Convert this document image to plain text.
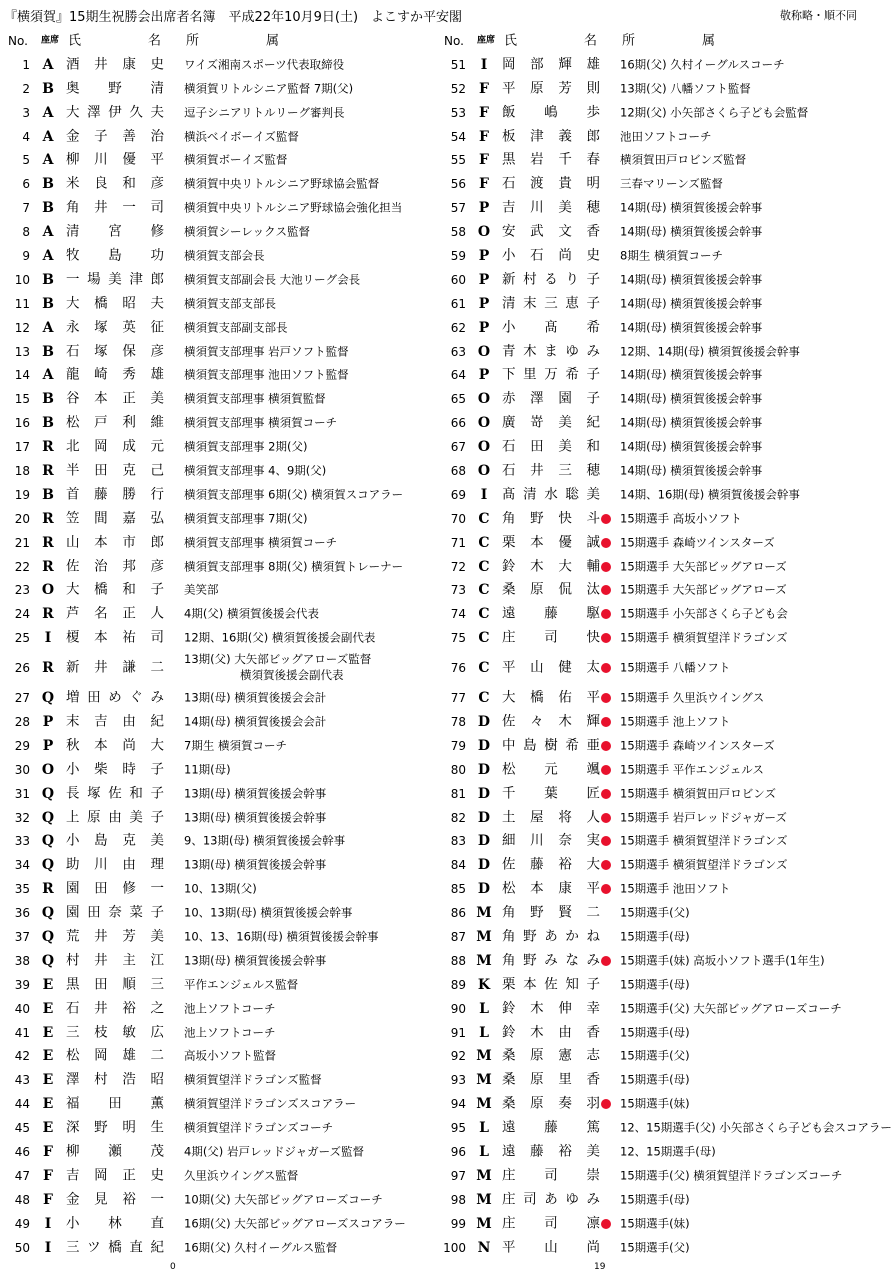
『横須賀』15期生祝勝会出席者名簿　平成22年10月9日(土)　よこすか平安閣	敬称略・順不同
No. 座席 氏	名 所	属
1 A 酒 井 康 史 ワイズ湘南スポーツ代表取締役
2 B 奥 野 清 横須賀リトルシニア監督 7期(父)
3 A 大 澤 伊 久 夫 逗子シニアリトルリーグ審判長
4 A 金 子 善 治 横浜ベイボーイズ監督
5 A 柳 川 優 平 横須賀ボーイズ監督
6 B 米 良 和 彦 横須賀中央リトルシニア野球協会監督
7 B 角 井 一 司 横須賀中央リトルシニア野球協会強化担当
8 A 清 宮 修 横須賀シーレックス監督
9 A 牧 島 功 横須賀支部会長
10 B 一 場 美 津 郎 横須賀支部副会長 大池リーグ会長
11 B 大 橋 昭 夫 横須賀支部支部長
12 A 永 塚 英 征 横須賀支部副支部長
13 B 石 塚 保 彦 横須賀支部理事 岩戸ソフト監督
14 A 龍 崎 秀 雄 横須賀支部理事 池田ソフト監督
15 B 谷 本 正 美 横須賀支部理事 横須賀監督
16 B 松 戸 利 維 横須賀支部理事 横須賀コーチ
17 R 北 岡 成 元 横須賀支部理事 2期(父)
18 R 半 田 克 己 横須賀支部理事 4、9期(父)
19 B 首 藤 勝 行 横須賀支部理事 6期(父) 横須賀スコアラー
20 R 笠 間 嘉 弘 横須賀支部理事 7期(父)
21 R 山 本 市 郎 横須賀支部理事 横須賀コーチ
22 R 佐 治 邦 彦 横須賀支部理事 8期(父) 横須賀トレーナー
23 O 大 橋 和 子 美笑部
24 R 芦 名 正 人 4期(父) 横須賀後援会代表
25	I	榎 本 祐 司 12期、16期(父) 横須賀後援会副代表
26 R 新 井 謙 二
13期(父) 大矢部ビッグアローズ監督
横須賀後援会副代表
27 Q 増 田 め ぐ み 13期(母) 横須賀後援会会計
28 P 末 吉 由 紀 14期(母) 横須賀後援会会計
29 P 秋 本 尚 大 7期生 横須賀コーチ
30 O 小 柴 時 子 11期(母)
31 Q 長 塚 佐 和 子 13期(母) 横須賀後援会幹事
32 Q 上 原 由 美 子 13期(母) 横須賀後援会幹事
33 Q 小 島 克 美 9、13期(母) 横須賀後援会幹事
34 Q 助 川 由 理 13期(母) 横須賀後援会幹事
35 R 園 田 修 一 10、13期(父)
36 Q 園 田 奈 菜 子 10、13期(母) 横須賀後援会幹事
37 Q 荒 井 芳 美 10、13、16期(母) 横須賀後援会幹事
38 Q 村 井 主 江 13期(母) 横須賀後援会幹事
39 E 黒 田 順 三 平作エンジェルス監督
40 E 石 井 裕 之 池上ソフトコーチ
41 E 三 枝 敏 広 池上ソフトコーチ
42 E 松 岡 雄 二 高坂小ソフト監督
43 E 澤 村 浩 昭 横須賀望洋ドラゴンズ監督
44 E 福 田 薫 横須賀望洋ドラゴンズスコアラー
45 E 深 野 明 生 横須賀望洋ドラゴンズコーチ
46 F 柳 瀬 茂 4期(父) 岩戸レッドジャガーズ監督
47 F 吉 岡 正 史 久里浜ウイングス監督
48 F 金 見 裕 一 10期(父) 大矢部ビッグアローズコーチ
49	I	小 林 直 16期(父) 大矢部ビッグアローズスコアラー
50	I	三 ツ 橋 直 紀 16期(父) 久村イーグルス監督
No. 座席 氏	名 所	属
51	I	岡 部 輝 雄 16期(父) 久村イーグルスコーチ
52 F 平 原 芳 則 13期(父) 八幡ソフト監督
53 F 飯 嶋 歩 12期(父) 小矢部さくら子ども会監督
54 F 板 津 義 郎 池田ソフトコーチ
55 F 黒 岩 千 春 横須賀田戸ロビンズ監督
56 F 石 渡 貴 明 三春マリーンズ監督
57 P 吉 川 美 穂 14期(母) 横須賀後援会幹事
58 O 安 武 文 香 14期(母) 横須賀後援会幹事
59 P 小 石 尚 史 8期生 横須賀コーチ
60 P 新 村 る り 子 14期(母) 横須賀後援会幹事
61 P 清 末 三 恵 子 14期(母) 横須賀後援会幹事
62 P 小 髙 希 14期(母) 横須賀後援会幹事
63 O 青 木 ま ゆ み 12期、14期(母) 横須賀後援会幹事
64 P 下 里 万 希 子 14期(母) 横須賀後援会幹事
65 O 赤 澤 園 子 14期(母) 横須賀後援会幹事
66 O 廣 嵜 美 紀 14期(母) 横須賀後援会幹事
67 O 石 田 美 和 14期(母) 横須賀後援会幹事
68 O 石 井 三 穂 14期(母) 横須賀後援会幹事
69	I	髙 清 水 聡 美 14期、16期(母) 横須賀後援会幹事
70 C 角 野 快 斗 15期選手 高坂小ソフト
71 C 栗 本 優 誠 15期選手 森崎ツインスターズ
72 C 鈴 木 大 輔 15期選手 大矢部ビッグアローズ
73 C 桑 原 侃 汰 15期選手 大矢部ビッグアローズ
74 C 遠 藤 駆 15期選手 小矢部さくら子ども会
75 C 庄 司 快 15期選手 横須賀望洋ドラゴンズ
76 C 平 山 健 太 15期選手 八幡ソフト
77 C 大 橋 佑 平 15期選手 久里浜ウイングス
78 D 佐 々 木 輝 15期選手 池上ソフト
79 D 中 島 樹 希 亜 15期選手 森崎ツインスターズ
80 D 松 元 颯 15期選手 平作エンジェルス
81 D 千 葉 匠 15期選手 横須賀田戸ロビンズ
82 D 土 屋 将 人 15期選手 岩戸レッドジャガーズ
83 D 細 川 奈 実 15期選手 横須賀望洋ドラゴンズ
84 D 佐 藤 裕 大 15期選手 横須賀望洋ドラゴンズ
85 D 松 本 康 平 15期選手 池田ソフト
86 M 角 野 賢 二 15期選手(父)
87 M 角 野 あ か ね 15期選手(母)
88 M 角 野 み な み 15期選手(妹) 高坂小ソフト選手(1年生)
89 K 栗 本 佐 知 子 15期選手(母)
90 L 鈴 木 伸 幸 15期選手(父) 大矢部ビッグアローズコーチ
91 L 鈴 木 由 香 15期選手(母)
92 M 桑 原 憲 志 15期選手(父)
93 M 桑 原 里 香 15期選手(母)
94 M 桑 原 奏 羽 15期選手(妹)
95 L 遠 藤 篤 12、15期選手(父) 小矢部さくら子ども会スコアラー
96 L 遠 藤 裕 美 12、15期選手(母)
97 M 庄 司 崇 15期選手(父) 横須賀望洋ドラゴンズコーチ
98 M 庄 司 あ ゆ み 15期選手(母)
99 M 庄 司 凛 15期選手(妹)
100 N 平 山 尚 15期選手(父)
0	19
